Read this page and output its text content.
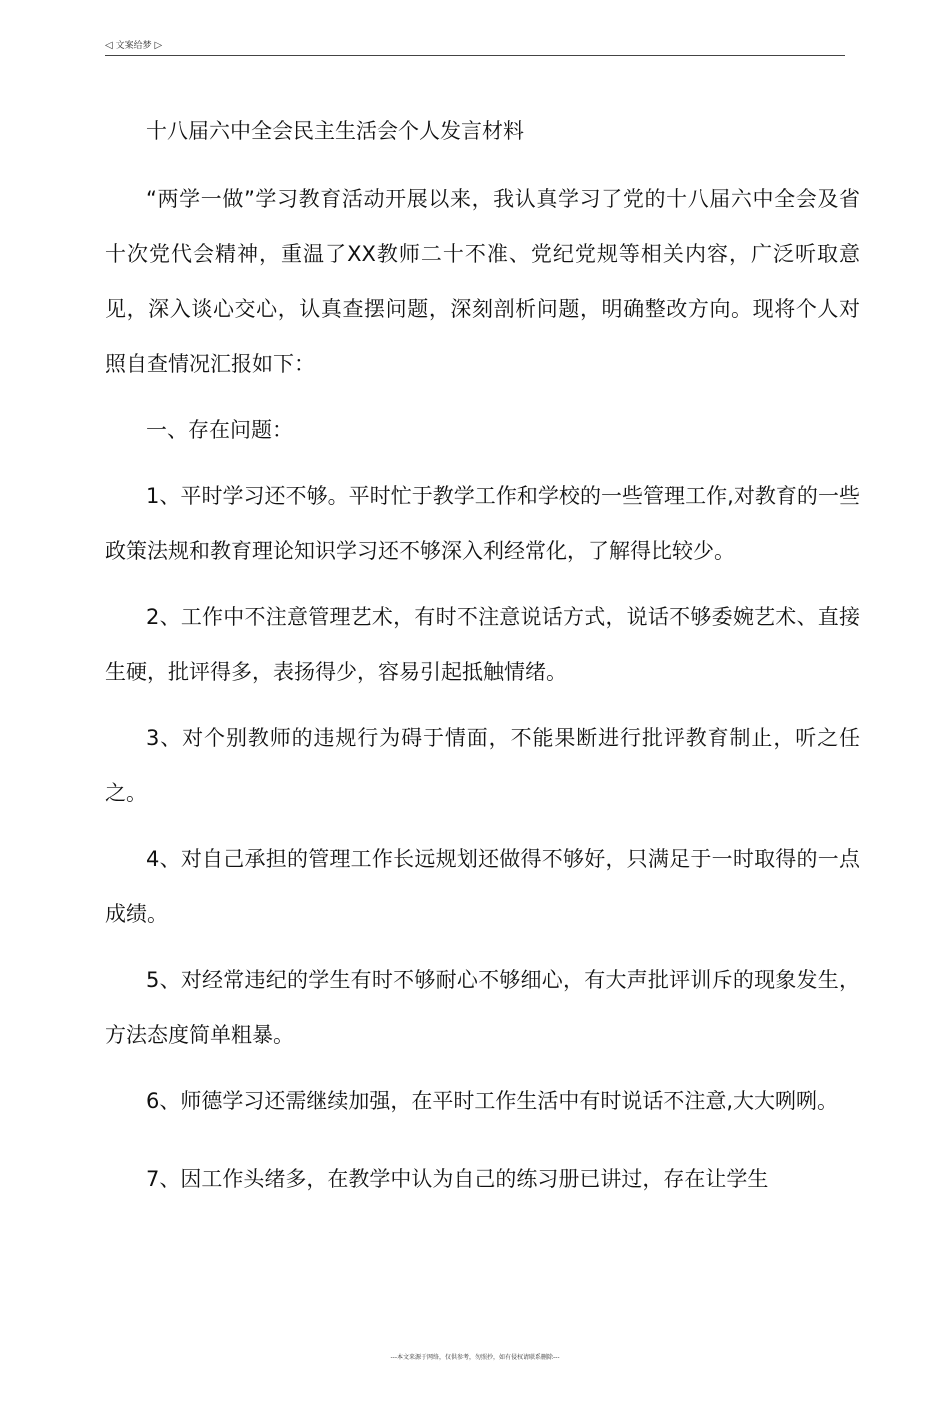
◁ 文案给梦 ▷
十八届六中全会民主生活会个人发言材料

“两学一做”学习教育活动开展以来，我认真学习了党的十八届六中全会及省十次党代会精神，重温了XX教师二十不准、党纪党规等相关内容，广泛听取意见，深入谈心交心，认真查摆问题，深刻剖析问题，明确整改方向。现将个人对照自查情况汇报如下：

一、存在问题：

1、平时学习还不够。平时忙于教学工作和学校的一些管理工作,对教育的一些政策法规和教育理论知识学习还不够深入利经常化，了解得比较少。

2、工作中不注意管理艺术，有时不注意说话方式，说话不够委婉艺术、直接生硬，批评得多，表扬得少，容易引起抵触情绪。

3、对个别教师的违规行为碍于情面，不能果断进行批评教育制止，听之任之。

4、对自己承担的管理工作长远规划还做得不够好，只满足于一时取得的一点成绩。

5、对经常违纪的学生有时不够耐心不够细心，有大声批评训斥的现象发生，方法态度简单粗暴。

6、师德学习还需继续加强，在平时工作生活中有时说话不注意,大大咧咧。

7、因工作头绪多，在教学中认为自己的练习册已讲过，存在让学生

---本文来源于网络，仅供参考，勿照抄，如有侵权请联系删除---
